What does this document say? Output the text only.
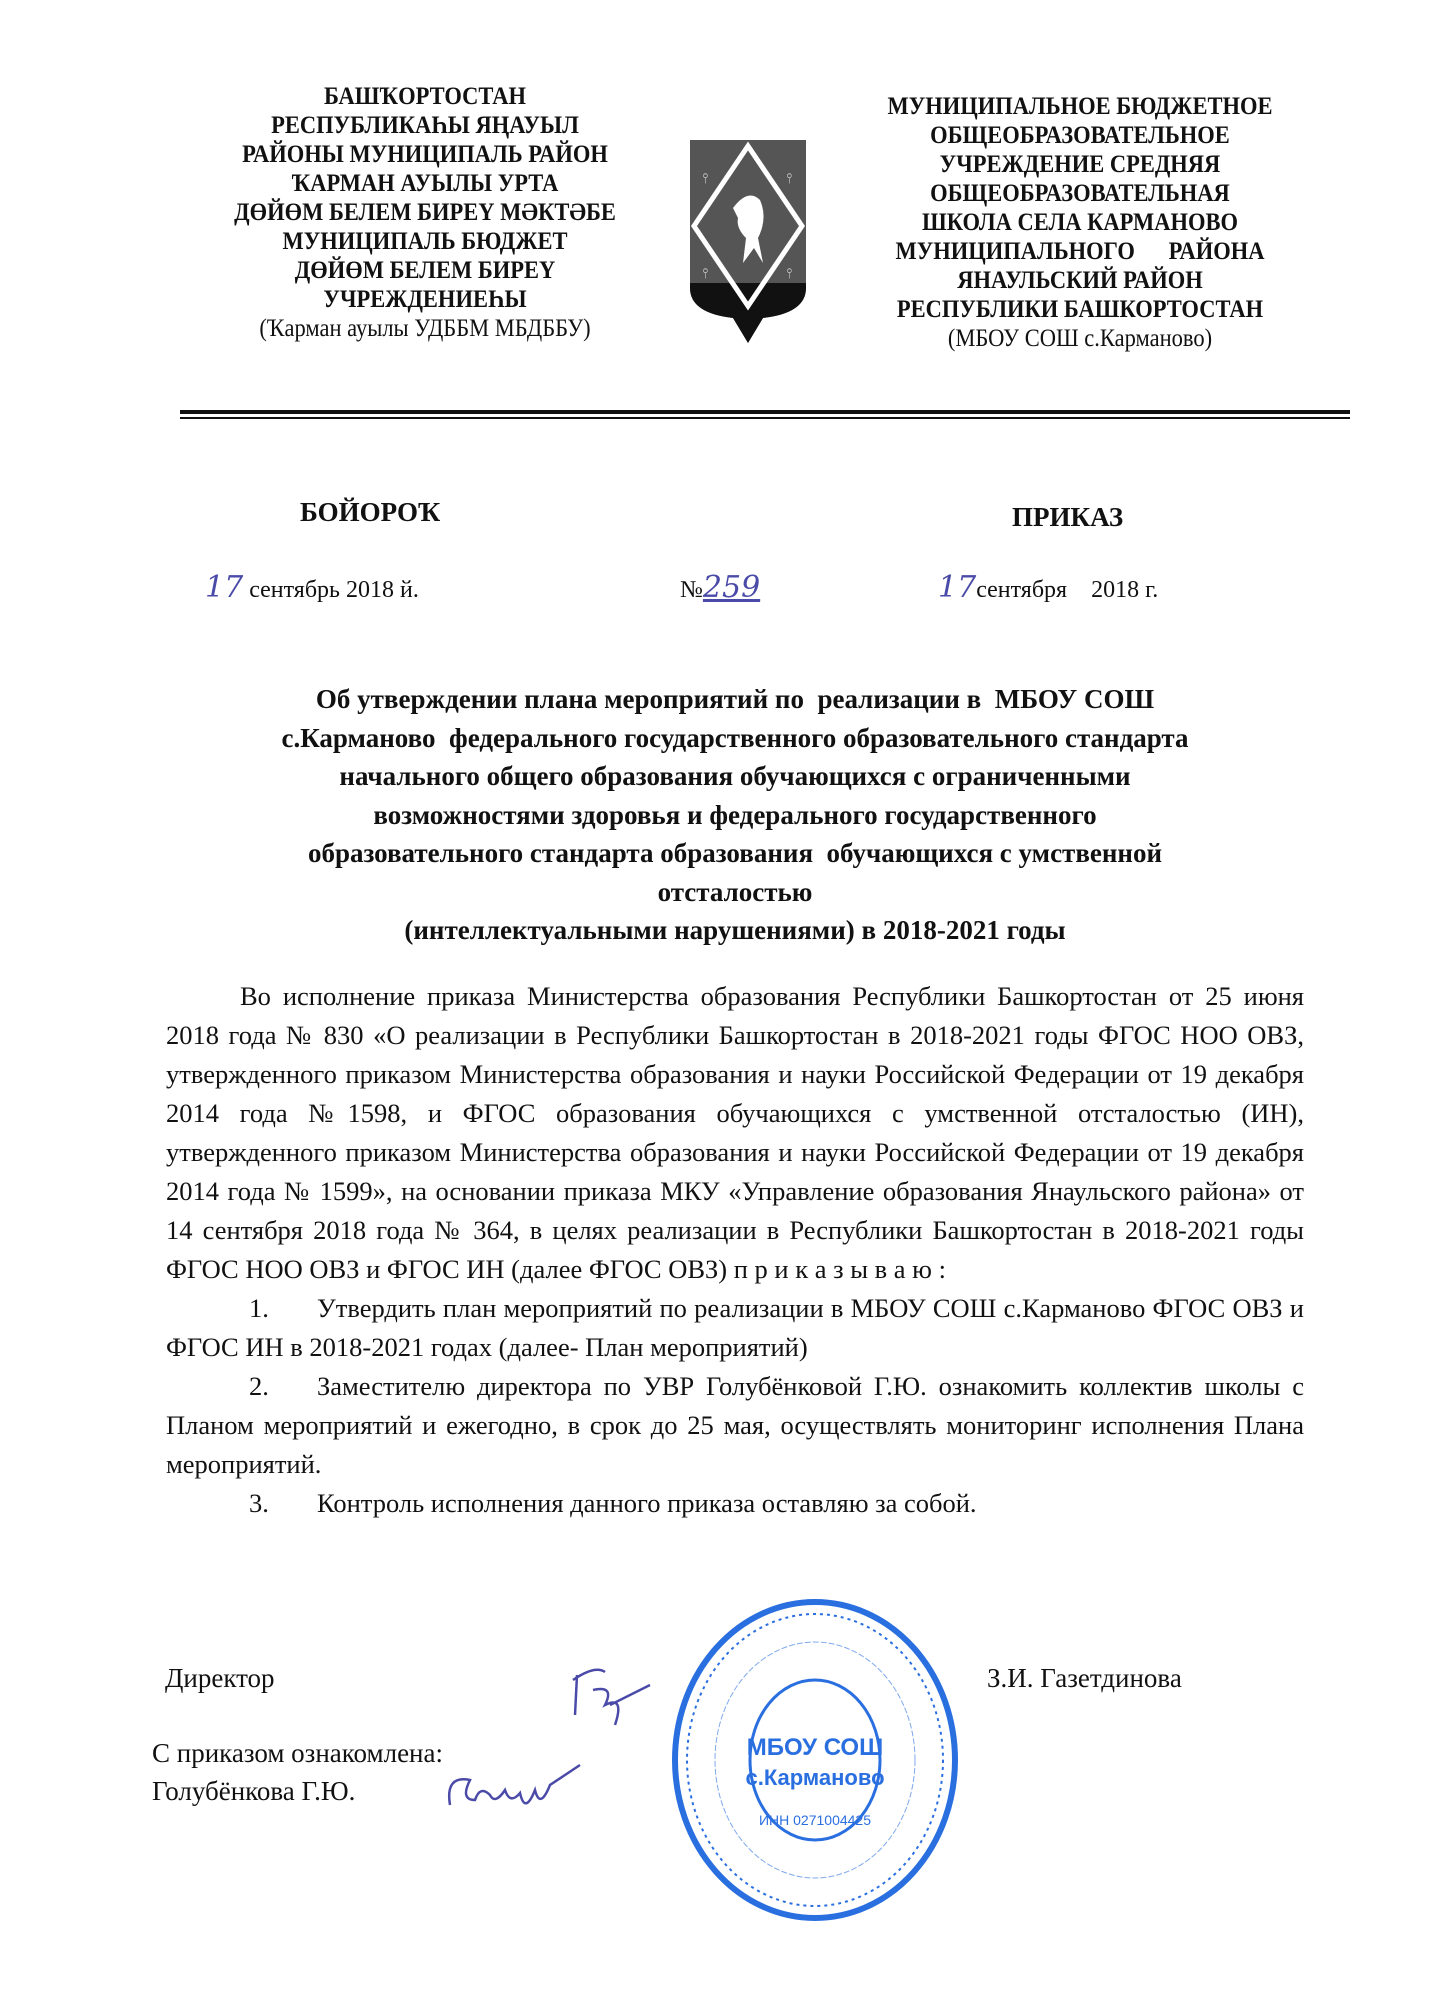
БАШҠОРТОСТАН
РЕСПУБЛИКАҺЫ ЯҢАУЫЛ
РАЙОНЫ МУНИЦИПАЛЬ РАЙОН
ҠАРМАН АУЫЛЫ УРТА
ДӨЙӨМ БЕЛЕМ БИРЕҮ МӘКТӘБЕ
МУНИЦИПАЛЬ БЮДЖЕТ
ДӨЙӨМ БЕЛЕМ БИРЕҮ
УЧРЕЖДЕНИЕҺЫ
(Ҡарман ауылы УДББМ МБДББУ)
⫯	⫯
⫯	⫯
МУНИЦИПАЛЬНОЕ БЮДЖЕТНОЕ
ОБЩЕОБРАЗОВАТЕЛЬНОЕ
УЧРЕЖДЕНИЕ СРЕДНЯЯ
ОБЩЕОБРАЗОВАТЕЛЬНАЯ
ШКОЛА СЕЛА КАРМАНОВО
МУНИЦИПАЛЬНОГО      РАЙОНА
ЯНАУЛЬСКИЙ РАЙОН
РЕСПУБЛИКИ БАШКОРТОСТАН
(МБОУ СОШ с.Карманово)
БОЙОРОҠ	ПРИКАЗ
17 сентябрь 2018 й.	№259	17сентября    2018 г.
Об утверждении плана мероприятий по  реализации в  МБОУ СОШ
с.Карманово  федерального государственного образовательного стандарта
начального общего образования обучающихся с ограниченными
возможностями здоровья и федерального государственного
образовательного стандарта образования  обучающихся с умственной
отсталостью
(интеллектуальными нарушениями) в 2018-2021 годы

Во исполнение приказа Министерства образования Республики Башкортостан от 25 июня 2018 года № 830 «О реализации в Республики Башкортостан в 2018-2021 годы ФГОС НОО ОВЗ, утвержденного приказом Министерства образования и науки Российской Федерации от 19 декабря 2014 года №1598, и ФГОС образования обучающихся с умственной отсталостью (ИН), утвержденного приказом Министерства образования и науки Российской Федерации от 19 декабря 2014 года № 1599», на основании приказа МКУ «Управление образования Янаульского района» от 14 сентября 2018 года № 364, в целях реализации в Республики Башкортостан в 2018-2021 годы ФГОС НОО ОВЗ и ФГОС ИН (далее ФГОС ОВЗ) п р и к а з ы в а ю :

1. Утвердить план мероприятий по реализации в МБОУ СОШ с.Карманово ФГОС ОВЗ и ФГОС ИН в 2018-2021 годах (далее- План мероприятий)

2. Заместителю директора по УВР Голубёнковой Г.Ю. ознакомить коллектив школы с Планом мероприятий и ежегодно, в срок до 25 мая, осуществлять мониторинг исполнения Плана мероприятий.

3. Контроль исполнения данного приказа оставляю за собой.

МБОУ СОШ
с.Карманово
ИНН 0271004425
Директор	З.И. Газетдинова
С приказом ознакомлена:
Голубёнкова Г.Ю.
